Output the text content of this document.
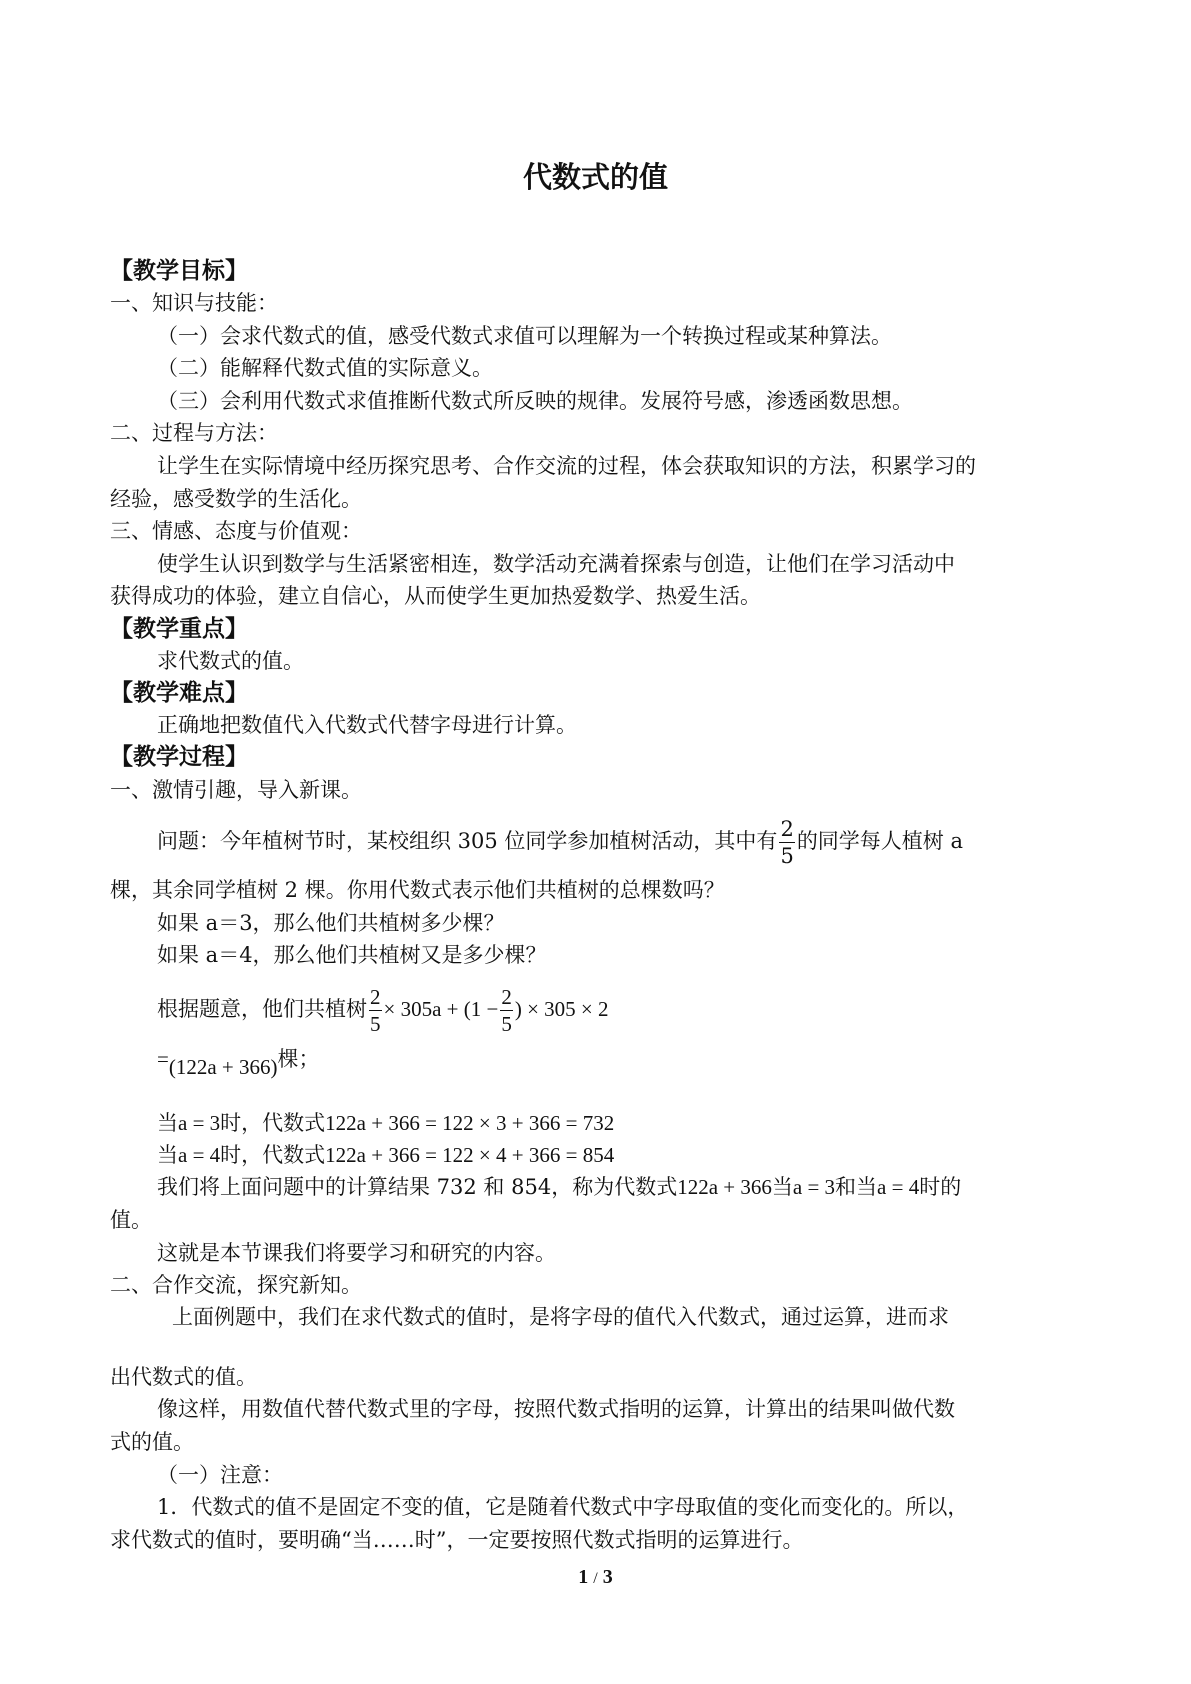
代数式的值
【教学目标】
一、知识与技能：
（一）会求代数式的值，感受代数式求值可以理解为一个转换过程或某种算法。
（二）能解释代数式值的实际意义。
（三）会利用代数式求值推断代数式所反映的规律。发展符号感，渗透函数思想。
二、过程与方法：
让学生在实际情境中经历探究思考、合作交流的过程，体会获取知识的方法，积累学习的
经验，感受数学的生活化。
三、情感、态度与价值观：
使学生认识到数学与生活紧密相连，数学活动充满着探索与创造，让他们在学习活动中
获得成功的体验，建立自信心，从而使学生更加热爱数学、热爱生活。
【教学重点】
求代数式的值。
【教学难点】
正确地把数值代入代数式代替字母进行计算。
【教学过程】
一、激情引趣，导入新课。
问题：今年植树节时，某校组织 305 位同学参加植树活动，其中有 $\frac{2}{5}$ 的同学每人植树 a
棵，其余同学植树 2 棵。你用代数式表示他们共植树的总棵数吗？
如果 a＝3，那么他们共植树多少棵？
如果 a＝4，那么他们共植树又是多少棵？
根据题意，他们共植树 $\frac{2}{5} \times 305a + (1 - \frac{2}{5}$ ) × 305 × 2
=(122a + 366)棵；
当a = 3时，代数式122a + 366 = 122 × 3 + 366 = 732
当a = 4时，代数式122a + 366 = 122 × 4 + 366 = 854
我们将上面问题中的计算结果 732 和 854，称为代数式122a + 366当a = 3和当a = 4时的
值。
这就是本节课我们将要学习和研究的内容。
二、合作交流，探究新知。
上面例题中，我们在求代数式的值时，是将字母的值代入代数式，通过运算，进而求
出代数式的值。
像这样，用数值代替代数式里的字母，按照代数式指明的运算，计算出的结果叫做代数
式的值。
（一）注意：
1．代数式的值不是固定不变的值，它是随着代数式中字母取值的变化而变化的。所以，
求代数式的值时，要明确“当……时”，一定要按照代数式指明的运算进行。
1 / 3
